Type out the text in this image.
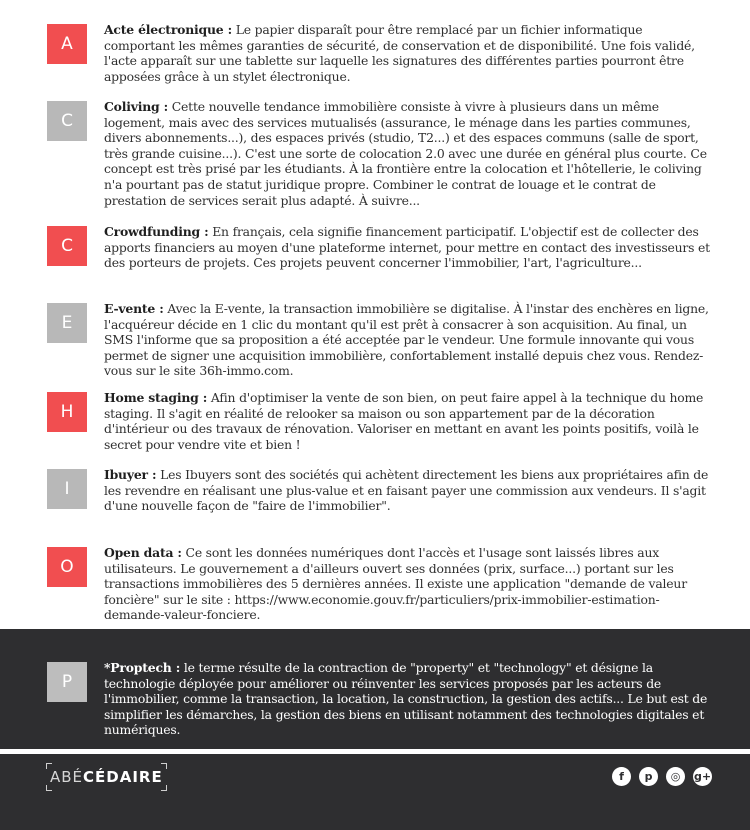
A
Acte électronique : Le papier disparaît pour être remplacé par un fichier informatique comportant les mêmes garanties de sécurité, de conservation et de disponibilité. Une fois validé, l'acte apparaît sur une tablette sur laquelle les signatures des différentes parties pourront être apposées grâce à un stylet électronique.
C
Coliving : Cette nouvelle tendance immobilière consiste à vivre à plusieurs dans un même logement, mais avec des services mutualisés (assurance, le ménage dans les parties communes, divers abonnements...), des espaces privés (studio, T2...) et des espaces communs (salle de sport, très grande cuisine...). C'est une sorte de colocation 2.0 avec une durée en général plus courte. Ce concept est très prisé par les étudiants. À la frontière entre la colocation et l'hôtellerie, le coliving n'a pourtant pas de statut juridique propre. Combiner le contrat de louage et le contrat de prestation de services serait plus adapté. À suivre...
C
Crowdfunding : En français, cela signifie financement participatif. L'objectif est de collecter des apports financiers au moyen d'une plateforme internet, pour mettre en contact des investisseurs et des porteurs de projets. Ces projets peuvent concerner l'immobilier, l'art, l'agriculture...
E
E-vente : Avec la E-vente, la transaction immobilière se digitalise. À l'instar des enchères en ligne, l'acquéreur décide en 1 clic du montant qu'il est prêt à consacrer à son acquisition. Au final, un SMS l'informe que sa proposition a été acceptée par le vendeur. Une formule innovante qui vous permet de signer une acquisition immobilière, confortablement installé depuis chez vous. Rendez-vous sur le site 36h-immo.com.
H
Home staging : Afin d'optimiser la vente de son bien, on peut faire appel à la technique du home staging. Il s'agit en réalité de relooker sa maison ou son appartement par de la décoration d'intérieur ou des travaux de rénovation. Valoriser en mettant en avant les points positifs, voilà le secret pour vendre vite et bien !
I
Ibuyer : Les Ibuyers sont des sociétés qui achètent directement les biens aux propriétaires afin de les revendre en réalisant une plus-value et en faisant payer une commission aux vendeurs. Il s'agit d'une nouvelle façon de "faire de l'immobilier".
O
Open data : Ce sont les données numériques dont l'accès et l'usage sont laissés libres aux utilisateurs. Le gouvernement a d'ailleurs ouvert ses données (prix, surface...) portant sur les transactions immobilières des 5 dernières années. Il existe une application "demande de valeur foncière" sur le site : https://www.economie.gouv.fr/particuliers/prix-immobilier-estimation-demande-valeur-fonciere.
P
*Proptech : le terme résulte de la contraction de "property" et "technology" et désigne la technologie déployée pour améliorer ou réinventer les services proposés par les acteurs de l'immobilier, comme la transaction, la location, la construction, la gestion des actifs... Le but est de simplifier les démarches, la gestion des biens en utilisant notamment des technologies digitales et numériques.
ABÉ CÉDAIRE	f	p	◎	g+
